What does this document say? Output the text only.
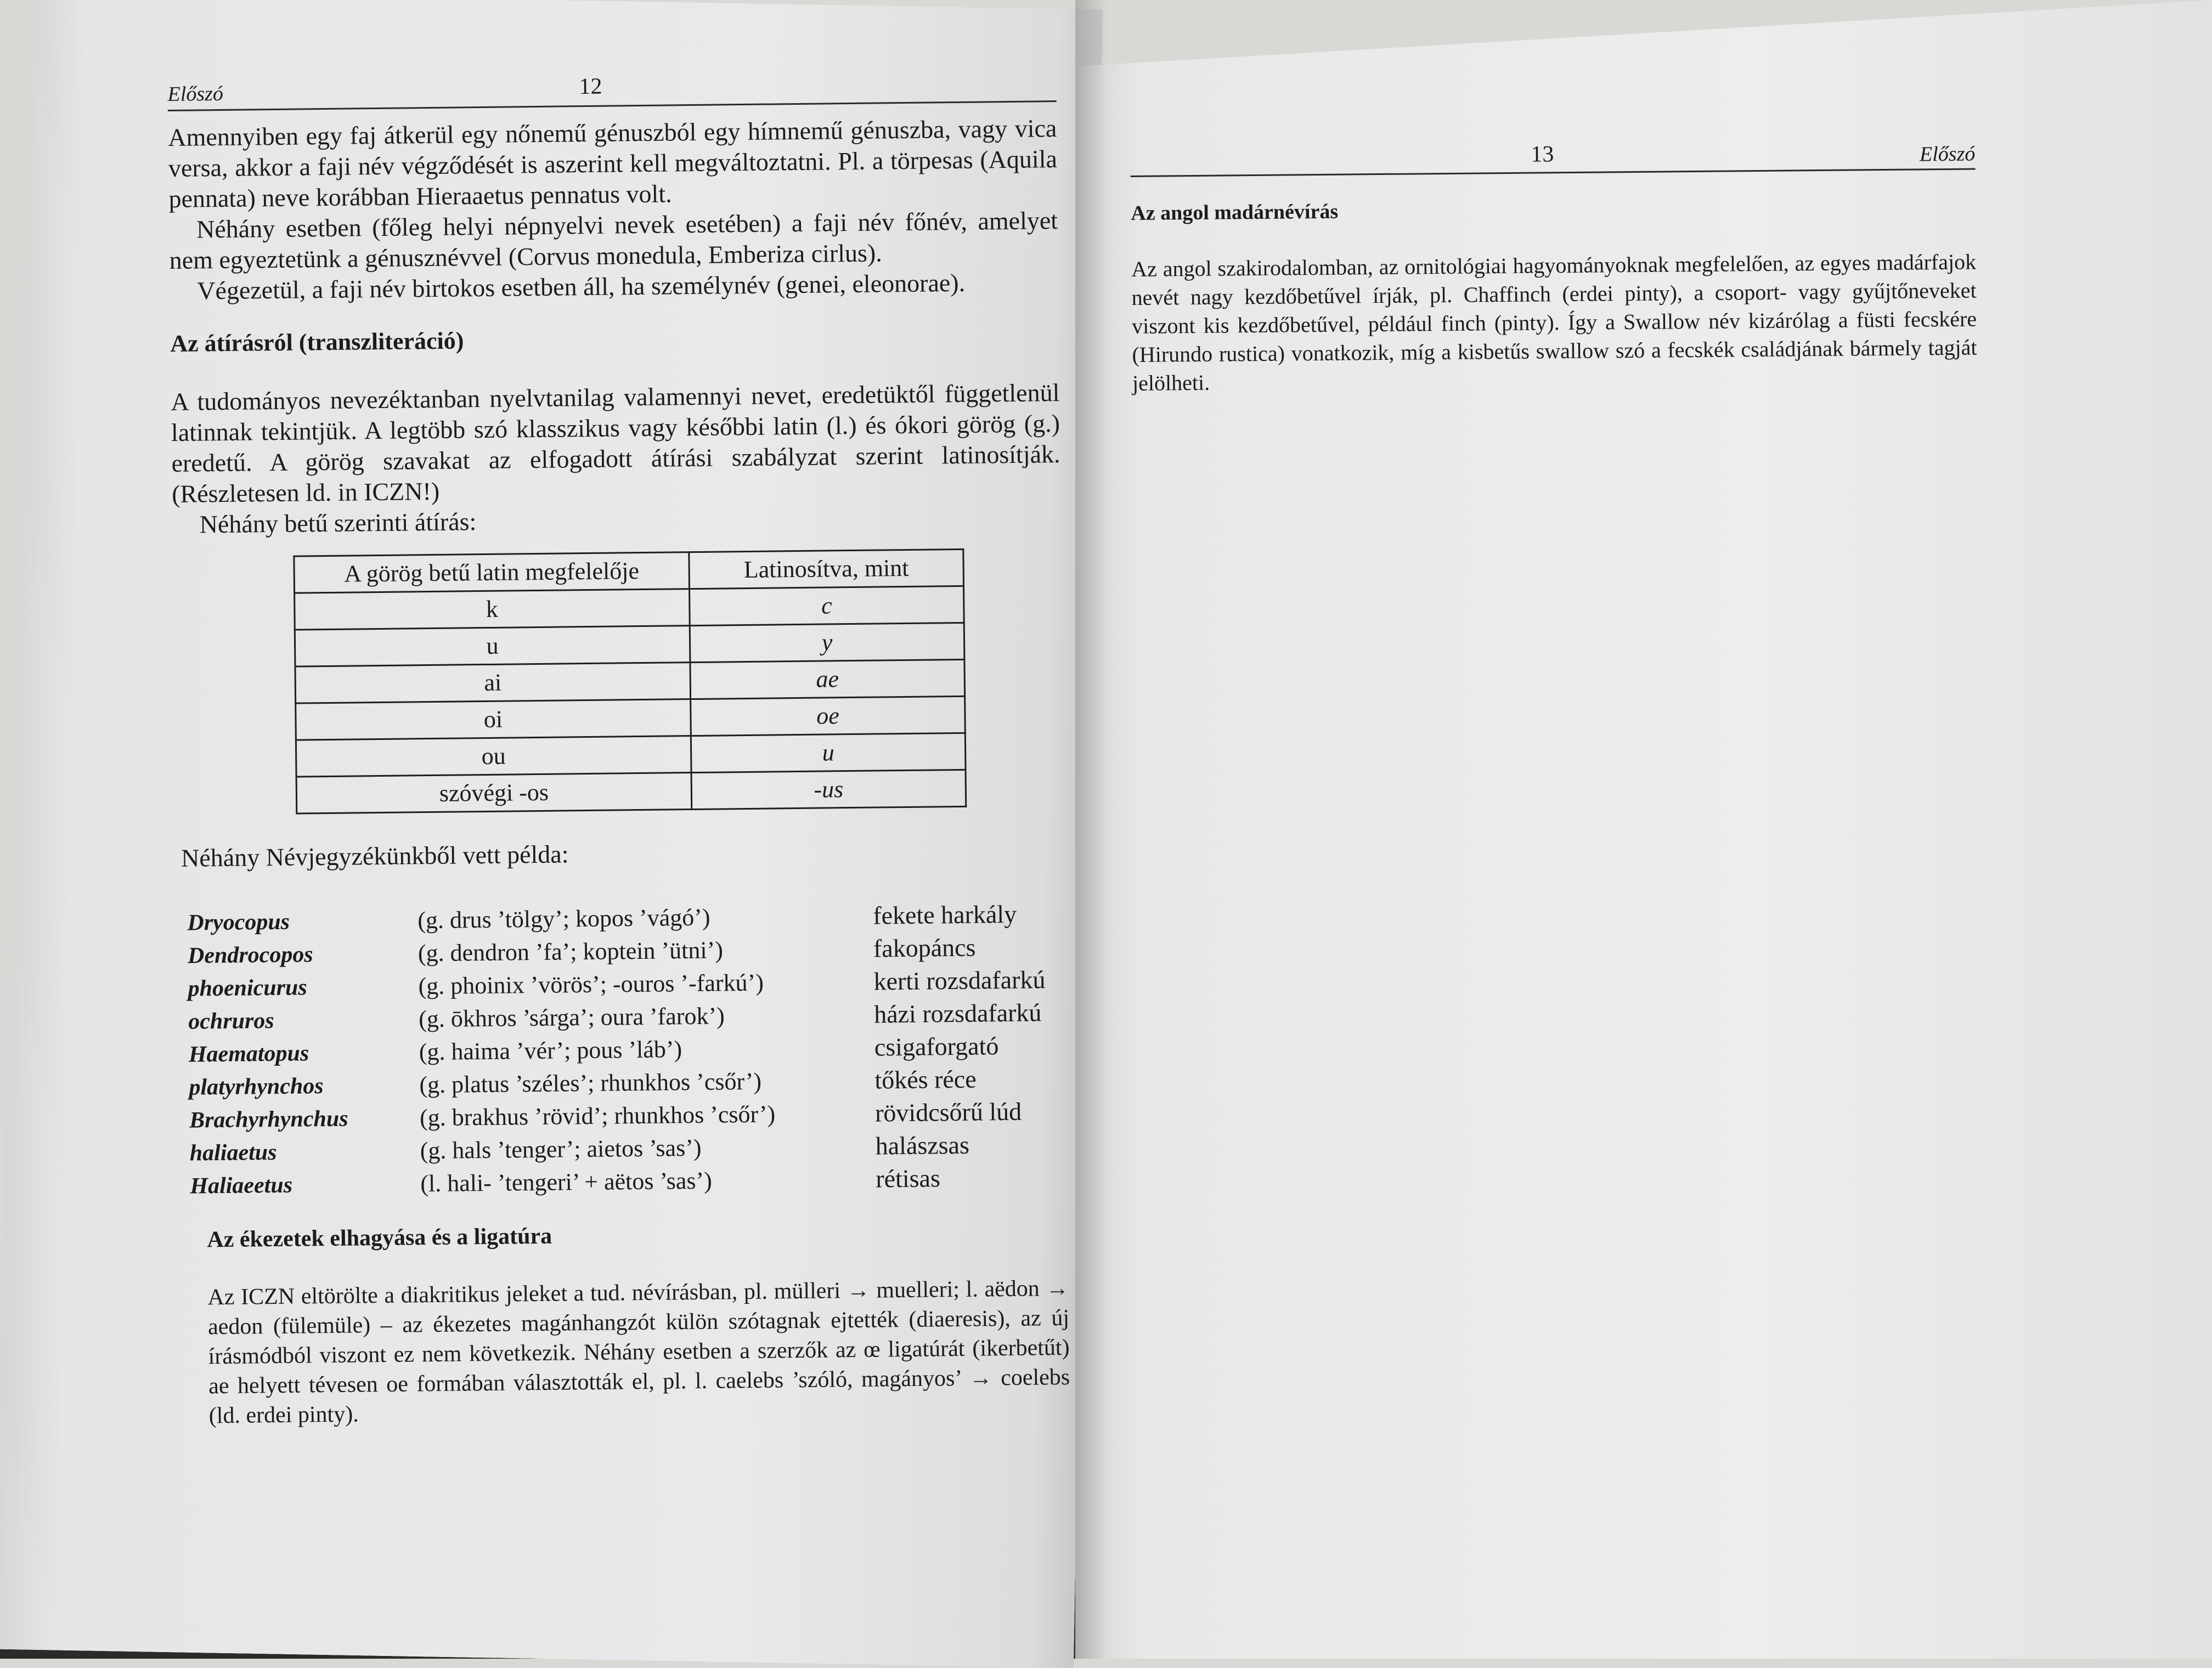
Előszó	12

Amennyiben egy faj átkerül egy nőnemű génuszból egy hímnemű génuszba, vagy vica versa, akkor a faji név végződését is aszerint kell megváltoztatni. Pl. a törpesas (Aquila pennata) neve korábban Hieraaetus pennatus volt.

Néhány esetben (főleg helyi népnyelvi nevek esetében) a faji név főnév, amelyet nem egyeztetünk a génusznévvel (Corvus monedula, Emberiza cirlus).

Végezetül, a faji név birtokos esetben áll, ha személynév (genei, eleonorae).

Az átírásról (transzliteráció)

A tudományos nevezéktanban nyelvtanilag valamennyi nevet, eredetüktől függetlenül latinnak tekintjük. A legtöbb szó klasszikus vagy későbbi latin (l.) és ókori görög (g.) eredetű. A görög szavakat az elfogadott átírási szabályzat szerint latinosítják. (Részletesen ld. in ICZN!)

Néhány betű szerinti átírás:

A görög betű latin megfelelője	Latinosítva, mint
k	c
u	y
ai	ae
oi	oe
ou	u
szóvégi -os	-us

Néhány Névjegyzékünkből vett példa:

Dryocopus	(g. drus ’tölgy’; kopos ’vágó’)	fekete harkály
Dendrocopos	(g. dendron ’fa’; koptein ’ütni’)	fakopáncs
phoenicurus	(g. phoinix ’vörös’; -ouros ’-farkú’)	kerti rozsdafarkú
ochruros	(g. ōkhros ’sárga’; oura ’farok’)	házi rozsdafarkú
Haematopus	(g. haima ’vér’; pous ’láb’)	csigaforgató
platyrhynchos	(g. platus ’széles’; rhunkhos ’csőr’)	tőkés réce
Brachyrhynchus	(g. brakhus ’rövid’; rhunkhos ’csőr’)	rövidcsőrű lúd
haliaetus	(g. hals ’tenger’; aietos ’sas’)	halászsas
Haliaeetus	(l. hali- ’tengeri’ + aëtos ’sas’)	rétisas
Az ékezetek elhagyása és a ligatúra

Az ICZN eltörölte a diakritikus jeleket a tud. névírásban, pl. mülleri → muelleri; l. aëdon → aedon (fülemüle) – az ékezetes magánhangzót külön szótagnak ejtették (diaeresis), az új írásmódból viszont ez nem következik. Néhány esetben a szerzők az œ ligatúrát (ikerbetűt) ae helyett tévesen oe formában választották el, pl. l. caelebs ’szóló, magányos’ → coelebs (ld. erdei pinty).

13	Előszó
Az angol madárnévírás

Az angol szakirodalomban, az ornitológiai hagyományoknak megfelelően, az egyes madárfajok nevét nagy kezdőbetűvel írják, pl. Chaffinch (erdei pinty), a csoport- vagy gyűjtőneveket viszont kis kezdőbetűvel, például finch (pinty). Így a Swallow név kizárólag a füsti fecskére (Hirundo rustica) vonatkozik, míg a kisbetűs swallow szó a fecskék családjának bármely tagját jelölheti.
